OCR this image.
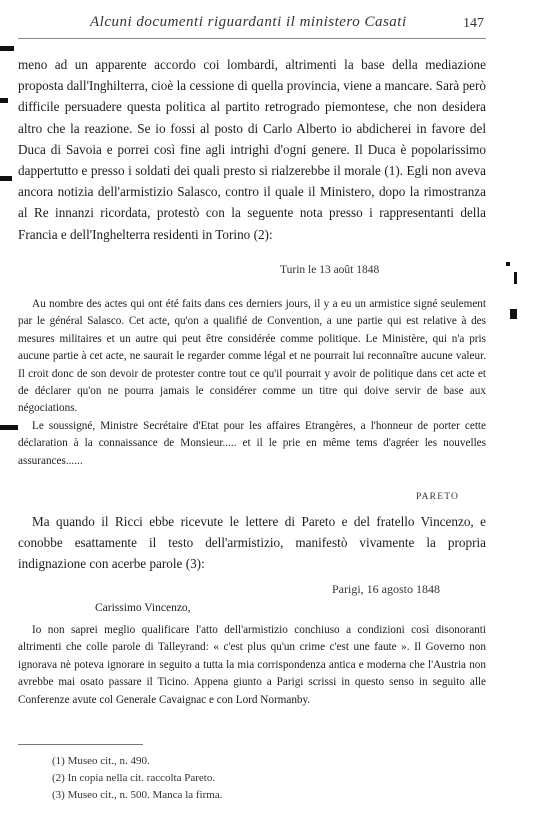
Alcuni documenti riguardanti il ministero Casati	147

meno ad un apparente accordo coi lombardi, altrimenti la base della mediazione proposta dall'Inghilterra, cioè la cessione di quella provincia, viene a mancare. Sarà però difficile persuadere questa politica al partito retrogrado piemontese, che non desidera altro che la reazione. Se io fossi al posto di Carlo Alberto io abdicherei in favore del Duca di Savoia e porrei così fine agli intrighi d'ogni genere. Il Duca è popolarissimo dappertutto e presso i soldati dei quali presto si rialzerebbe il morale (1). Egli non aveva ancora notizia dell'armistizio Salasco, contro il quale il Ministero, dopo la rimostranza al Re innanzi ricordata, protestò con la seguente nota presso i rappresentanti della Francia e dell'Inghelterra residenti in Torino (2):

Turin le 13 août 1848

Au nombre des actes qui ont été faits dans ces derniers jours, il y a eu un armistice signé seulement par le général Salasco. Cet acte, qu'on a qualifié de Convention, a une partie qui est relative à des mesures militaires et un autre qui peut être considérée comme politique. Le Ministère, qui n'a pris aucune partie à cet acte, ne saurait le regarder comme légal et ne pourrait lui reconnaître aucune valeur. Il croit donc de son devoir de protester contre tout ce qu'il pourrait y avoir de politique dans cet acte et de déclarer qu'on ne pourra jamais le considérer comme un titre qui doive servir de base aux négociations.

Le soussigné, Ministre Secrétaire d'Etat pour les affaires Etrangères, a l'honneur de porter cette déclaration à la connaissance de Monsieur..... et il le prie en même tems d'agréer les nouvelles assurances......

PARETO

Ma quando il Ricci ebbe ricevute le lettere di Pareto e del fratello Vincenzo, e conobbe esattamente il testo dell'armistizio, manifestò vivamente la propria indignazione con acerbe parole (3):

Parigi, 16 agosto 1848
Carissimo Vincenzo,

Io non saprei meglio qualificare l'atto dell'armistizio conchiuso a condizioni così disonoranti altrimenti che colle parole di Talleyrand: « c'est plus qu'un crime c'est une faute ». Il Governo non ignorava nè poteva ignorare in seguito a tutta la mia corrispondenza antica e moderna che l'Austria non avrebbe mai osato passare il Ticino. Appena giunto a Parigi scrissi in questo senso in seguito alle Conferenze avute col Generale Cavaignac e con Lord Normanby.

(1) Museo cit., n. 490.
(2) In copia nella cit. raccolta Pareto.
(3) Museo cit., n. 500. Manca la firma.
